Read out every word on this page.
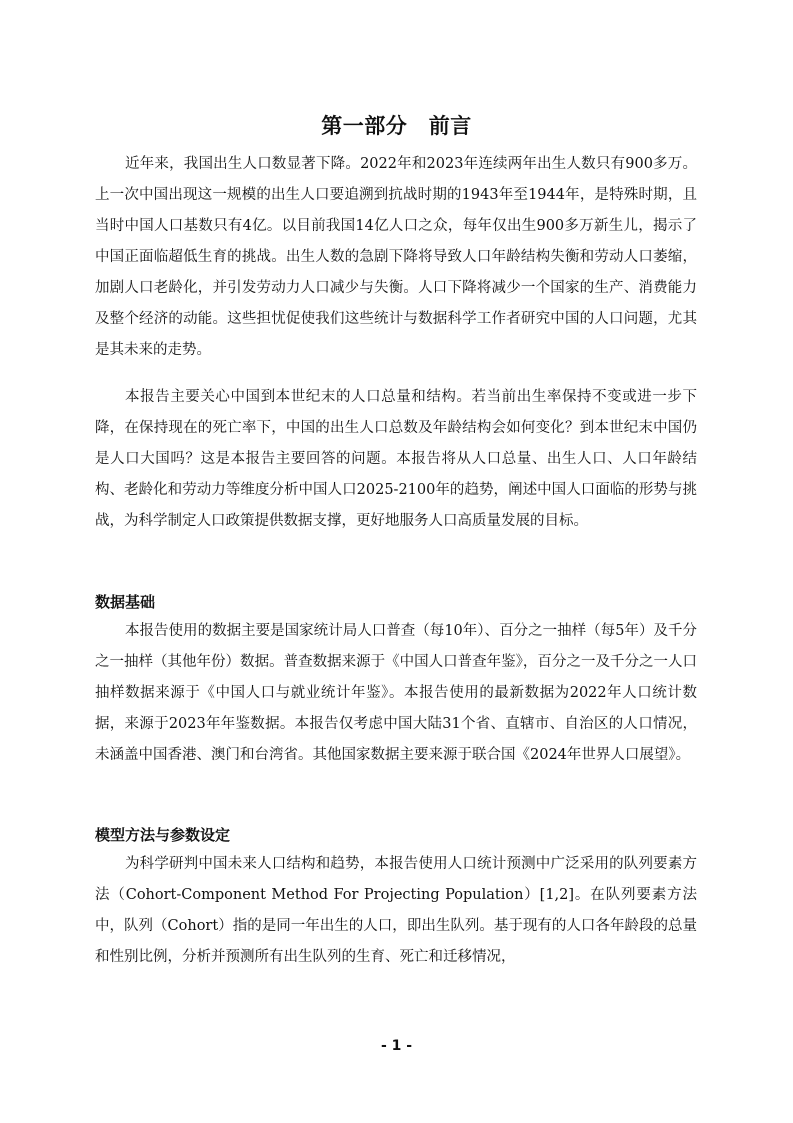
第一部分　前言

近年来，我国出生人口数显著下降。2022年和2023年连续两年出生人数只有900多万。上一次中国出现这一规模的出生人口要追溯到抗战时期的1943年至1944年，是特殊时期，且当时中国人口基数只有4亿。以目前我国14亿人口之众，每年仅出生900多万新生儿，揭示了中国正面临超低生育的挑战。出生人数的急剧下降将导致人口年龄结构失衡和劳动人口萎缩，加剧人口老龄化，并引发劳动力人口减少与失衡。人口下降将减少一个国家的生产、消费能力及整个经济的动能。这些担忧促使我们这些统计与数据科学工作者研究中国的人口问题，尤其是其未来的走势。

本报告主要关心中国到本世纪末的人口总量和结构。若当前出生率保持不变或进一步下降，在保持现在的死亡率下，中国的出生人口总数及年龄结构会如何变化？到本世纪末中国仍是人口大国吗？这是本报告主要回答的问题。本报告将从人口总量、出生人口、人口年龄结构、老龄化和劳动力等维度分析中国人口2025-2100年的趋势，阐述中国人口面临的形势与挑战，为科学制定人口政策提供数据支撑，更好地服务人口高质量发展的目标。

数据基础

本报告使用的数据主要是国家统计局人口普查（每10年）、百分之一抽样（每5年）及千分之一抽样（其他年份）数据。普查数据来源于《中国人口普查年鉴》，百分之一及千分之一人口抽样数据来源于《中国人口与就业统计年鉴》。本报告使用的最新数据为2022年人口统计数据，来源于2023年年鉴数据。本报告仅考虑中国大陆31个省、直辖市、自治区的人口情况，未涵盖中国香港、澳门和台湾省。其他国家数据主要来源于联合国《2024年世界人口展望》。

模型方法与参数设定

为科学研判中国未来人口结构和趋势，本报告使用人口统计预测中广泛采用的队列要素方法（Cohort-Component Method For Projecting Population）[1,2]。在队列要素方法中，队列（Cohort）指的是同一年出生的人口，即出生队列。基于现有的人口各年龄段的总量和性别比例，分析并预测所有出生队列的生育、死亡和迁移情况，

- 1 -
